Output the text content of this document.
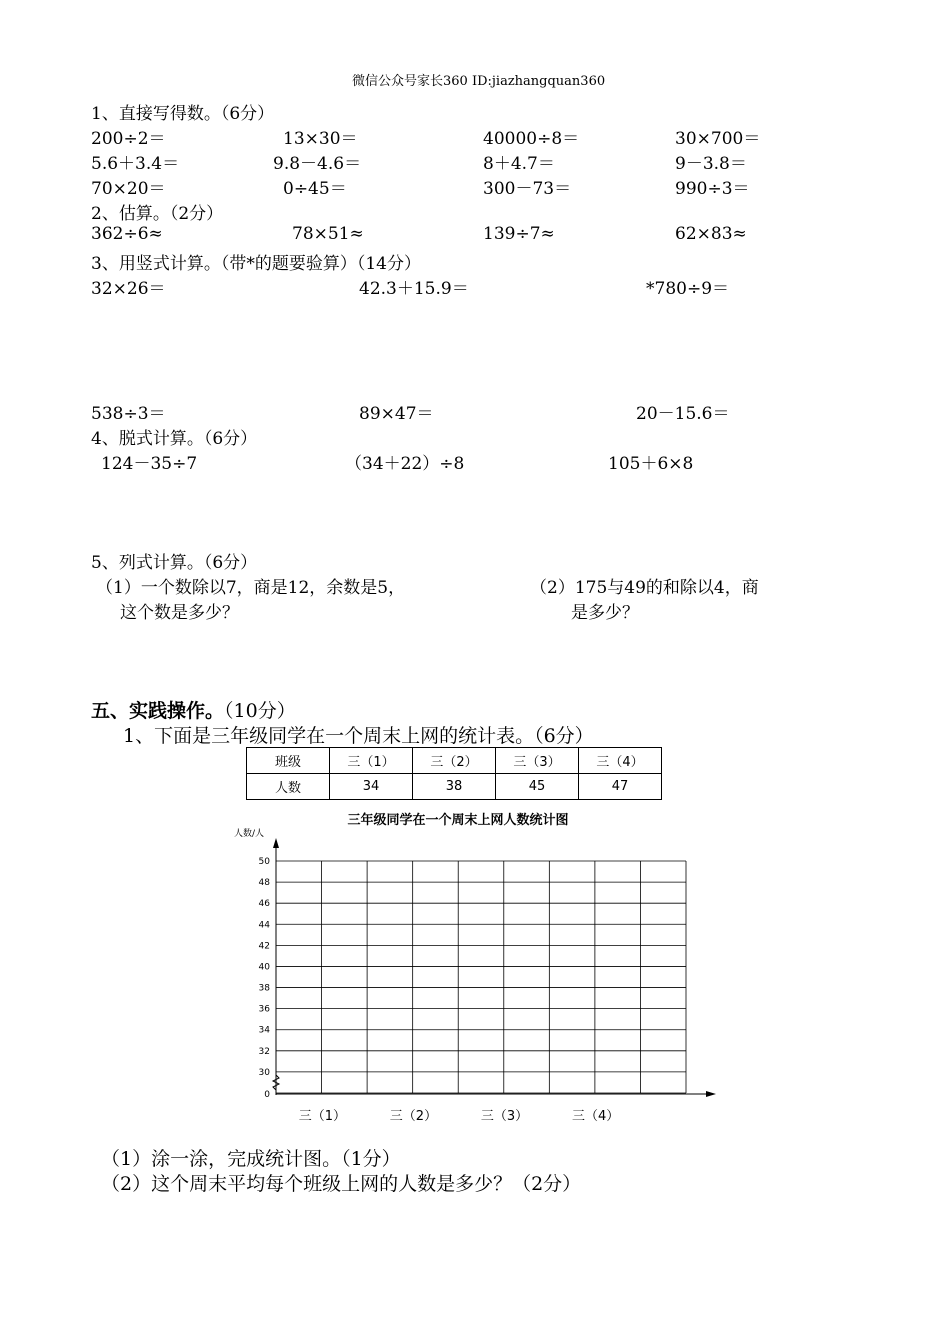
微信公众号家长360 ID:jiazhangquan360
1、直接写得数。（6分）
200÷2＝	13×30＝	40000÷8＝	30×700＝
5.6＋3.4＝	9.8－4.6＝	8＋4.7＝	9－3.8＝
70×20＝	0÷45＝	300－73＝	990÷3＝
2、估算。（2分）
362÷6≈	78×51≈	139÷7≈	62×83≈
3、用竖式计算。（带*的题要验算）（14分）
32×26＝	42.3＋15.9＝	*780÷9＝
538÷3＝	89×47＝	20－15.6＝
4、脱式计算。（6分）
124－35÷7	（34＋22）÷8	105＋6×8
5、列式计算。（6分）
（1）一个数除以7，商是12，余数是5，
这个数是多少？
（2）175与49的和除以4，商
是多少？
五、实践操作。（10分）
1、下面是三年级同学在一个周末上网的统计表。（6分）
班级	三（1）	三（2）	三（3）	三（4）
人数	34	38	45	47
三年级同学在一个周末上网人数统计图
人数/人
50
48
46
44
42
40
38
36
34
32
30
0
三（1）	三（2）	三（3）	三（4）
（1）涂一涂，完成统计图。（1分）
（2）这个周末平均每个班级上网的人数是多少？（2分）
